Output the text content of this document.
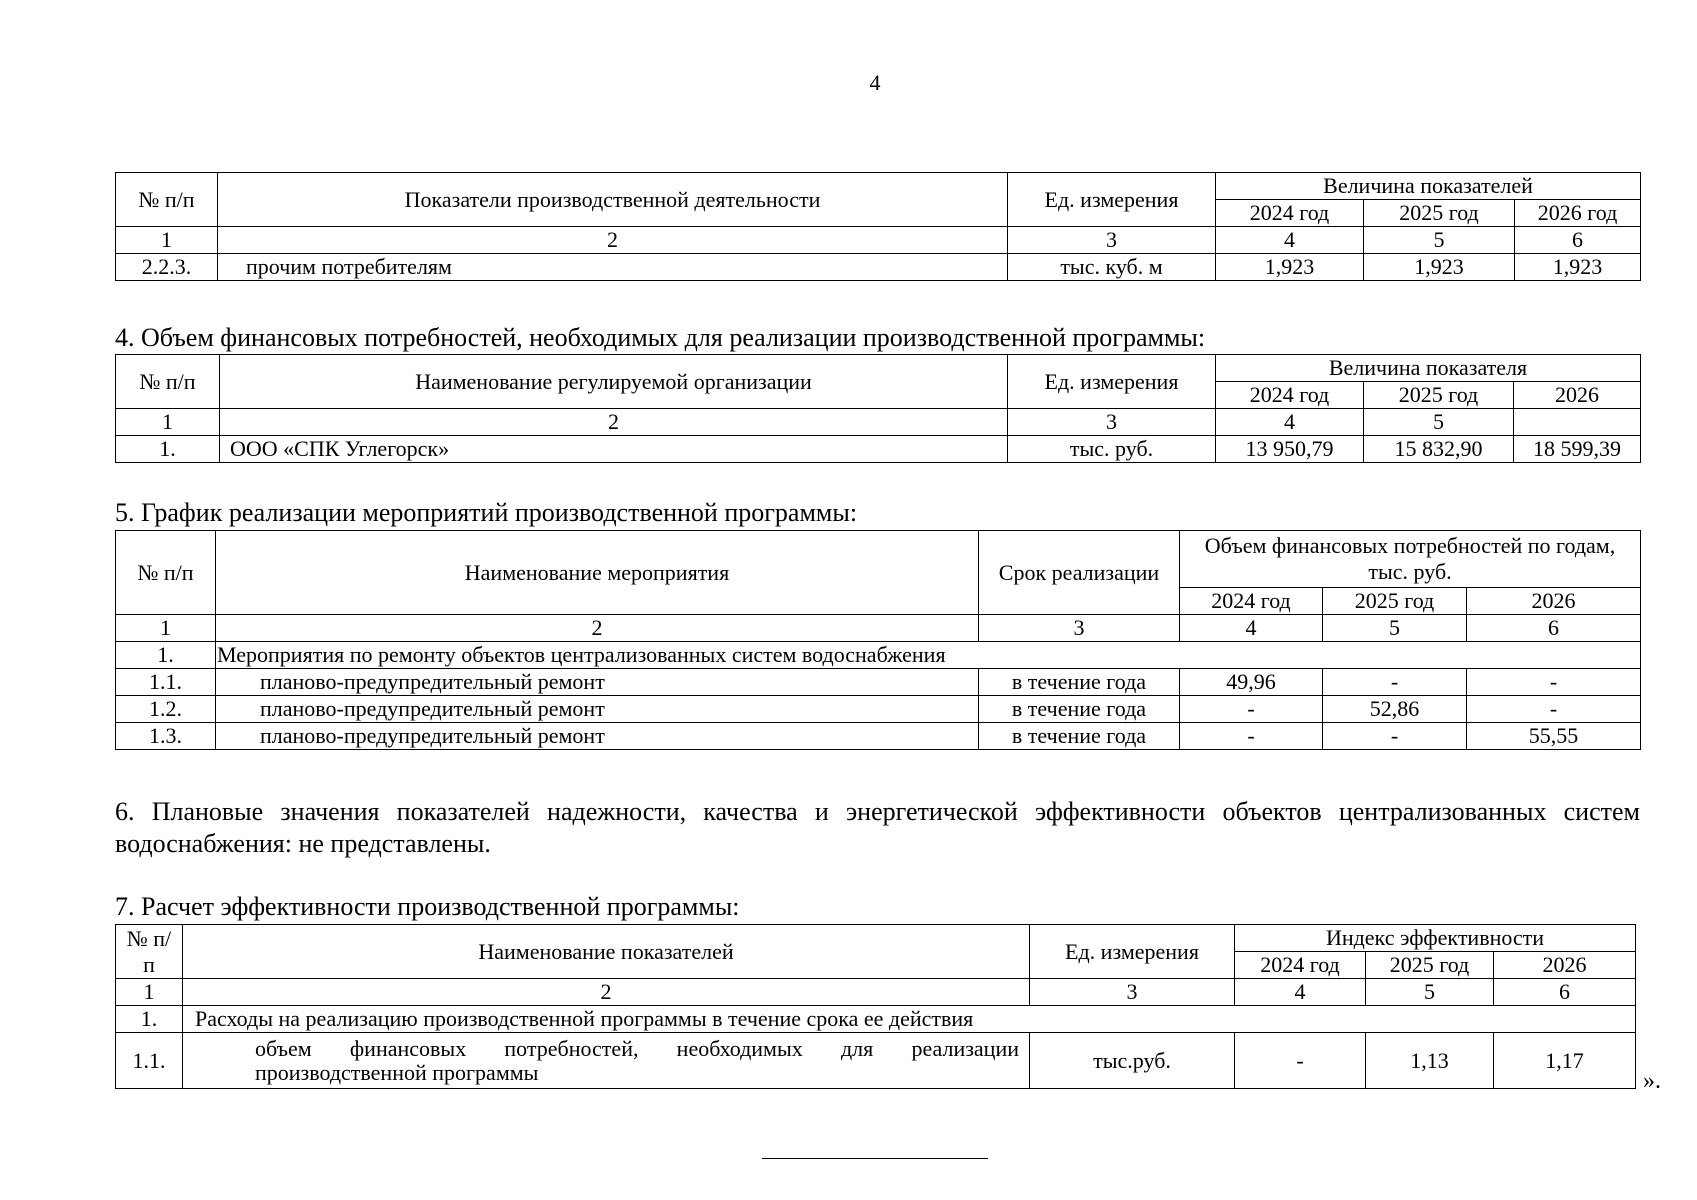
4
№ п/п	Показатели производственной деятельности	Ед. измерения	Величина показателей		
			2024 год	2025 год	2026 год
1	2	3	4	5	6
2.2.3.	прочим потребителям	тыс. куб. м	1,923	1,923	1,923
4. Объем финансовых потребностей, необходимых для реализации производственной программы:
№ п/п	Наименование регулируемой организации	Ед. измерения	Величина показателя		
			2024 год	2025 год	2026
1	2	3	4	5	
1.	ООО «СПК Углегорск»	тыс. руб.	13 950,79	15 832,90	18 599,39
5. График реализации мероприятий производственной программы:
№ п/п	Наименование мероприятия	Срок реализации	Объем финансовых потребностей по годам, тыс. руб.		
			2024 год	2025 год	2026
1	2	3	4	5	6
1.	Мероприятия по ремонту объектов централизованных систем водоснабжения				
1.1.	планово-предупредительный ремонт	в течение года	49,96	-	-
1.2.	планово-предупредительный ремонт	в течение года	-	52,86	-
1.3.	планово-предупредительный ремонт	в течение года	-	-	55,55
6. Плановые значения показателей надежности, качества и энергетической эффективности объектов централизованных систем водоснабжения: не представлены.
7. Расчет эффективности производственной программы:
№ п/п	Наименование показателей	Ед. измерения	Индекс эффективности		
			2024 год	2025 год	2026
1	2	3	4	5	6
1.	Расходы на реализацию производственной программы в течение срока ее действия				
1.1.	объем финансовых потребностей, необходимых для реализации производственной программы	тыс.руб.	-	1,13	1,17
».
